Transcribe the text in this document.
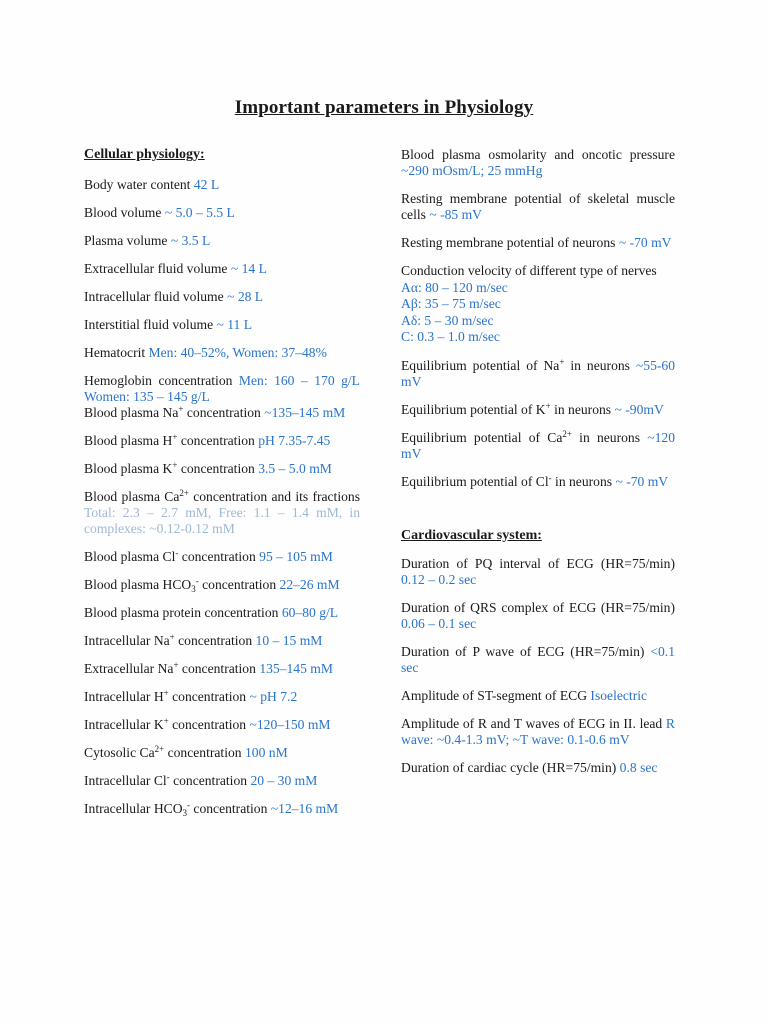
Important parameters in Physiology
Cellular physiology:
Body water content 42 L
Blood volume ~ 5.0 – 5.5 L
Plasma volume ~ 3.5 L
Extracellular fluid volume ~ 14 L
Intracellular fluid volume ~ 28 L
Interstitial fluid volume ~ 11 L
Hematocrit Men: 40–52%, Women: 37–48%
Hemoglobin concentration Men: 160 – 170 g/L Women: 135 – 145 g/L
Blood plasma Na+ concentration ~135–145 mM
Blood plasma H+ concentration pH 7.35-7.45
Blood plasma K+ concentration 3.5 – 5.0 mM
Blood plasma $Ca^{2+}$ concentration and its fractions Total: 2.3 – 2.7 mM, Free: 1.1 – 1.4 mM, in complexes: ~0.12-0.12 mM
Blood plasma Cl- concentration 95 – 105 mM
Blood plasma $HCO_3^-$ concentration 22–26 mM
Blood plasma protein concentration 60–80 g/L
Intracellular Na+ concentration 10 – 15 mM
Extracellular Na+ concentration 135–145 mM
Intracellular H+ concentration ~ pH 7.2
Intracellular K+ concentration ~120–150 mM
Cytosolic $Ca^{2+}$ concentration 100 nM
Intracellular Cl- concentration 20 – 30 mM
Intracellular $HCO_3^-$ concentration ~12–16 mM
Blood plasma osmolarity and oncotic pressure ~290 mOsm/L; 25 mmHg
Resting membrane potential of skeletal muscle cells ~ -85 mV
Resting membrane potential of neurons ~ -70 mV
Conduction velocity of different type of nerves
Aα: 80 – 120 m/sec
Aβ: 35 – 75 m/sec
Aδ: 5 – 30 m/sec
C: 0.3 – 1.0 m/sec
Equilibrium potential of Na+ in neurons ~55-60 mV
Equilibrium potential of K+ in neurons ~ -90mV
Equilibrium potential of $Ca^{2+}$ in neurons ~120 mV
Equilibrium potential of Cl- in neurons ~ -70 mV
Cardiovascular system:
Duration of PQ interval of ECG (HR=75/min) 0.12 – 0.2 sec
Duration of QRS complex of ECG (HR=75/min) 0.06 – 0.1 sec
Duration of P wave of ECG (HR=75/min) <0.1 sec
Amplitude of ST-segment of ECG Isoelectric
Amplitude of R and T waves of ECG in II. lead R wave: ~0.4-1.3 mV; ~T wave: 0.1-0.6 mV
Duration of cardiac cycle (HR=75/min) 0.8 sec
